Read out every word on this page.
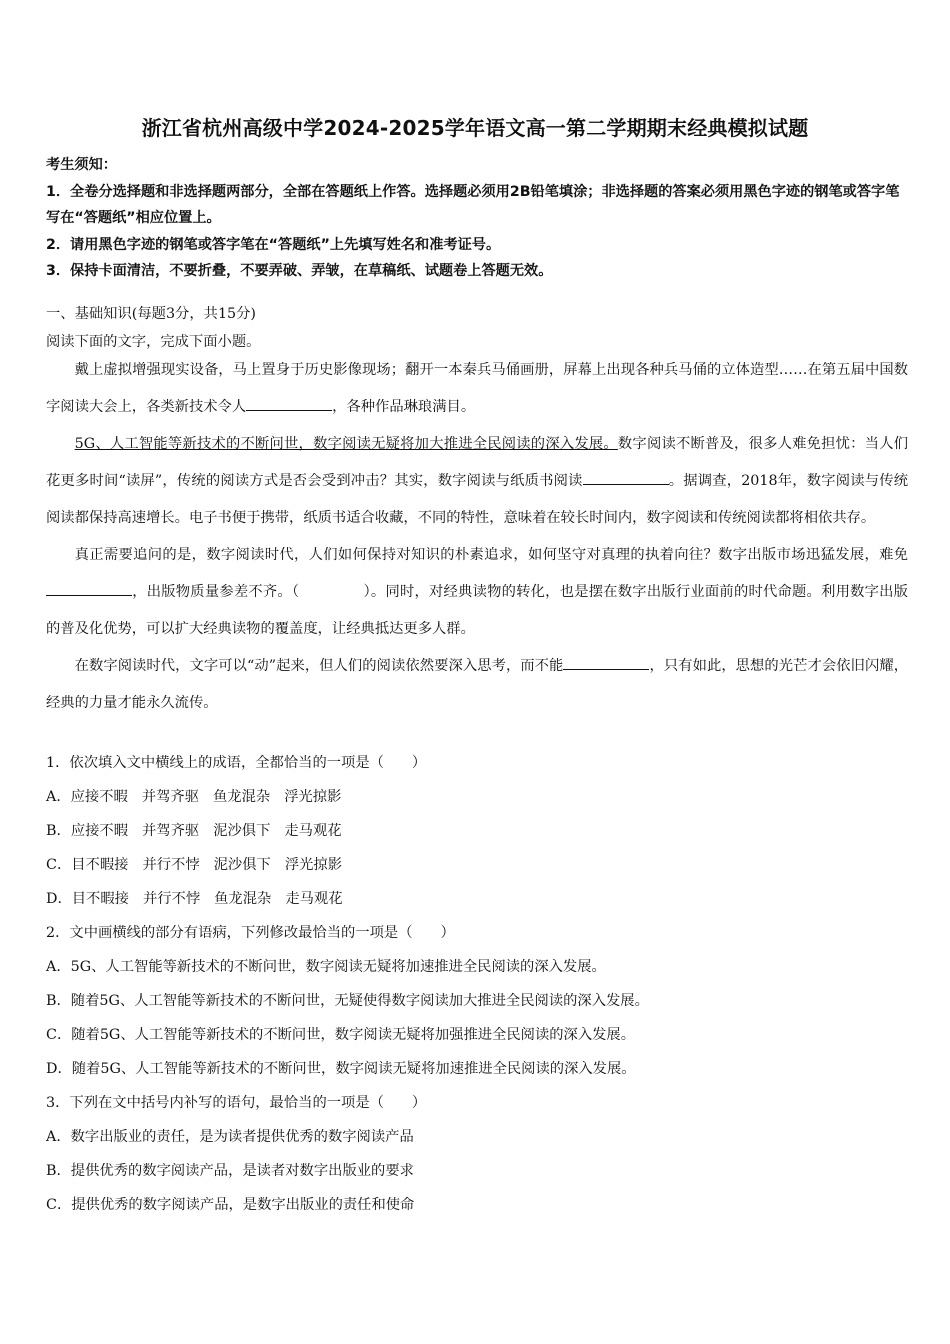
浙江省杭州高级中学2024-2025学年语文高一第二学期期末经典模拟试题

考生须知：

1．全卷分选择题和非选择题两部分，全部在答题纸上作答。选择题必须用2B铅笔填涂；非选择题的答案必须用黑色字迹的钢笔或答字笔写在“答题纸”相应位置上。

2．请用黑色字迹的钢笔或答字笔在“答题纸”上先填写姓名和准考证号。

3．保持卡面清洁，不要折叠，不要弄破、弄皱，在草稿纸、试题卷上答题无效。

一、基础知识(每题3分，共15分)

阅读下面的文字，完成下面小题。

戴上虚拟增强现实设备，马上置身于历史影像现场；翻开一本秦兵马俑画册，屏幕上出现各种兵马俑的立体造型……在第五届中国数字阅读大会上，各类新技术令人	，各种作品琳琅满目。

5G、人工智能等新技术的不断问世，数字阅读无疑将加大推进全民阅读的深入发展。数字阅读不断普及，很多人难免担忧：当人们花更多时间“读屏”，传统的阅读方式是否会受到冲击？其实，数字阅读与纸质书阅读	。据调查，2018年，数字阅读与传统阅读都保持高速增长。电子书便于携带，纸质书适合收藏，不同的特性，意味着在较长时间内，数字阅读和传统阅读都将相依共存。

真正需要追问的是，数字阅读时代，人们如何保持对知识的朴素追求，如何坚守对真理的执着向往？数字出版市场迅猛发展，难免，出版物质量参差不齐。（	）。同时，对经典读物的转化，也是摆在数字出版行业面前的时代命题。利用数字出版的普及化优势，可以扩大经典读物的覆盖度，让经典抵达更多人群。

在数字阅读时代，文字可以“动”起来，但人们的阅读依然要深入思考，而不能	，只有如此，思想的光芒才会依旧闪耀，经典的力量才能永久流传。

1．依次填入文中横线上的成语，全都恰当的一项是（ ）

A．应接不暇 并驾齐驱 鱼龙混杂 浮光掠影

B．应接不暇 并驾齐驱 泥沙俱下 走马观花

C．目不暇接 并行不悖 泥沙俱下 浮光掠影

D．目不暇接 并行不悖 鱼龙混杂 走马观花

2．文中画横线的部分有语病，下列修改最恰当的一项是（ ）

A．5G、人工智能等新技术的不断问世，数字阅读无疑将加速推进全民阅读的深入发展。

B．随着5G、人工智能等新技术的不断问世，无疑使得数字阅读加大推进全民阅读的深入发展。

C．随着5G、人工智能等新技术的不断问世，数字阅读无疑将加强推进全民阅读的深入发展。

D．随着5G、人工智能等新技术的不断问世，数字阅读无疑将加速推进全民阅读的深入发展。

3．下列在文中括号内补写的语句，最恰当的一项是（ ）

A．数字出版业的责任，是为读者提供优秀的数字阅读产品

B．提供优秀的数字阅读产品，是读者对数字出版业的要求

C．提供优秀的数字阅读产品，是数字出版业的责任和使命
